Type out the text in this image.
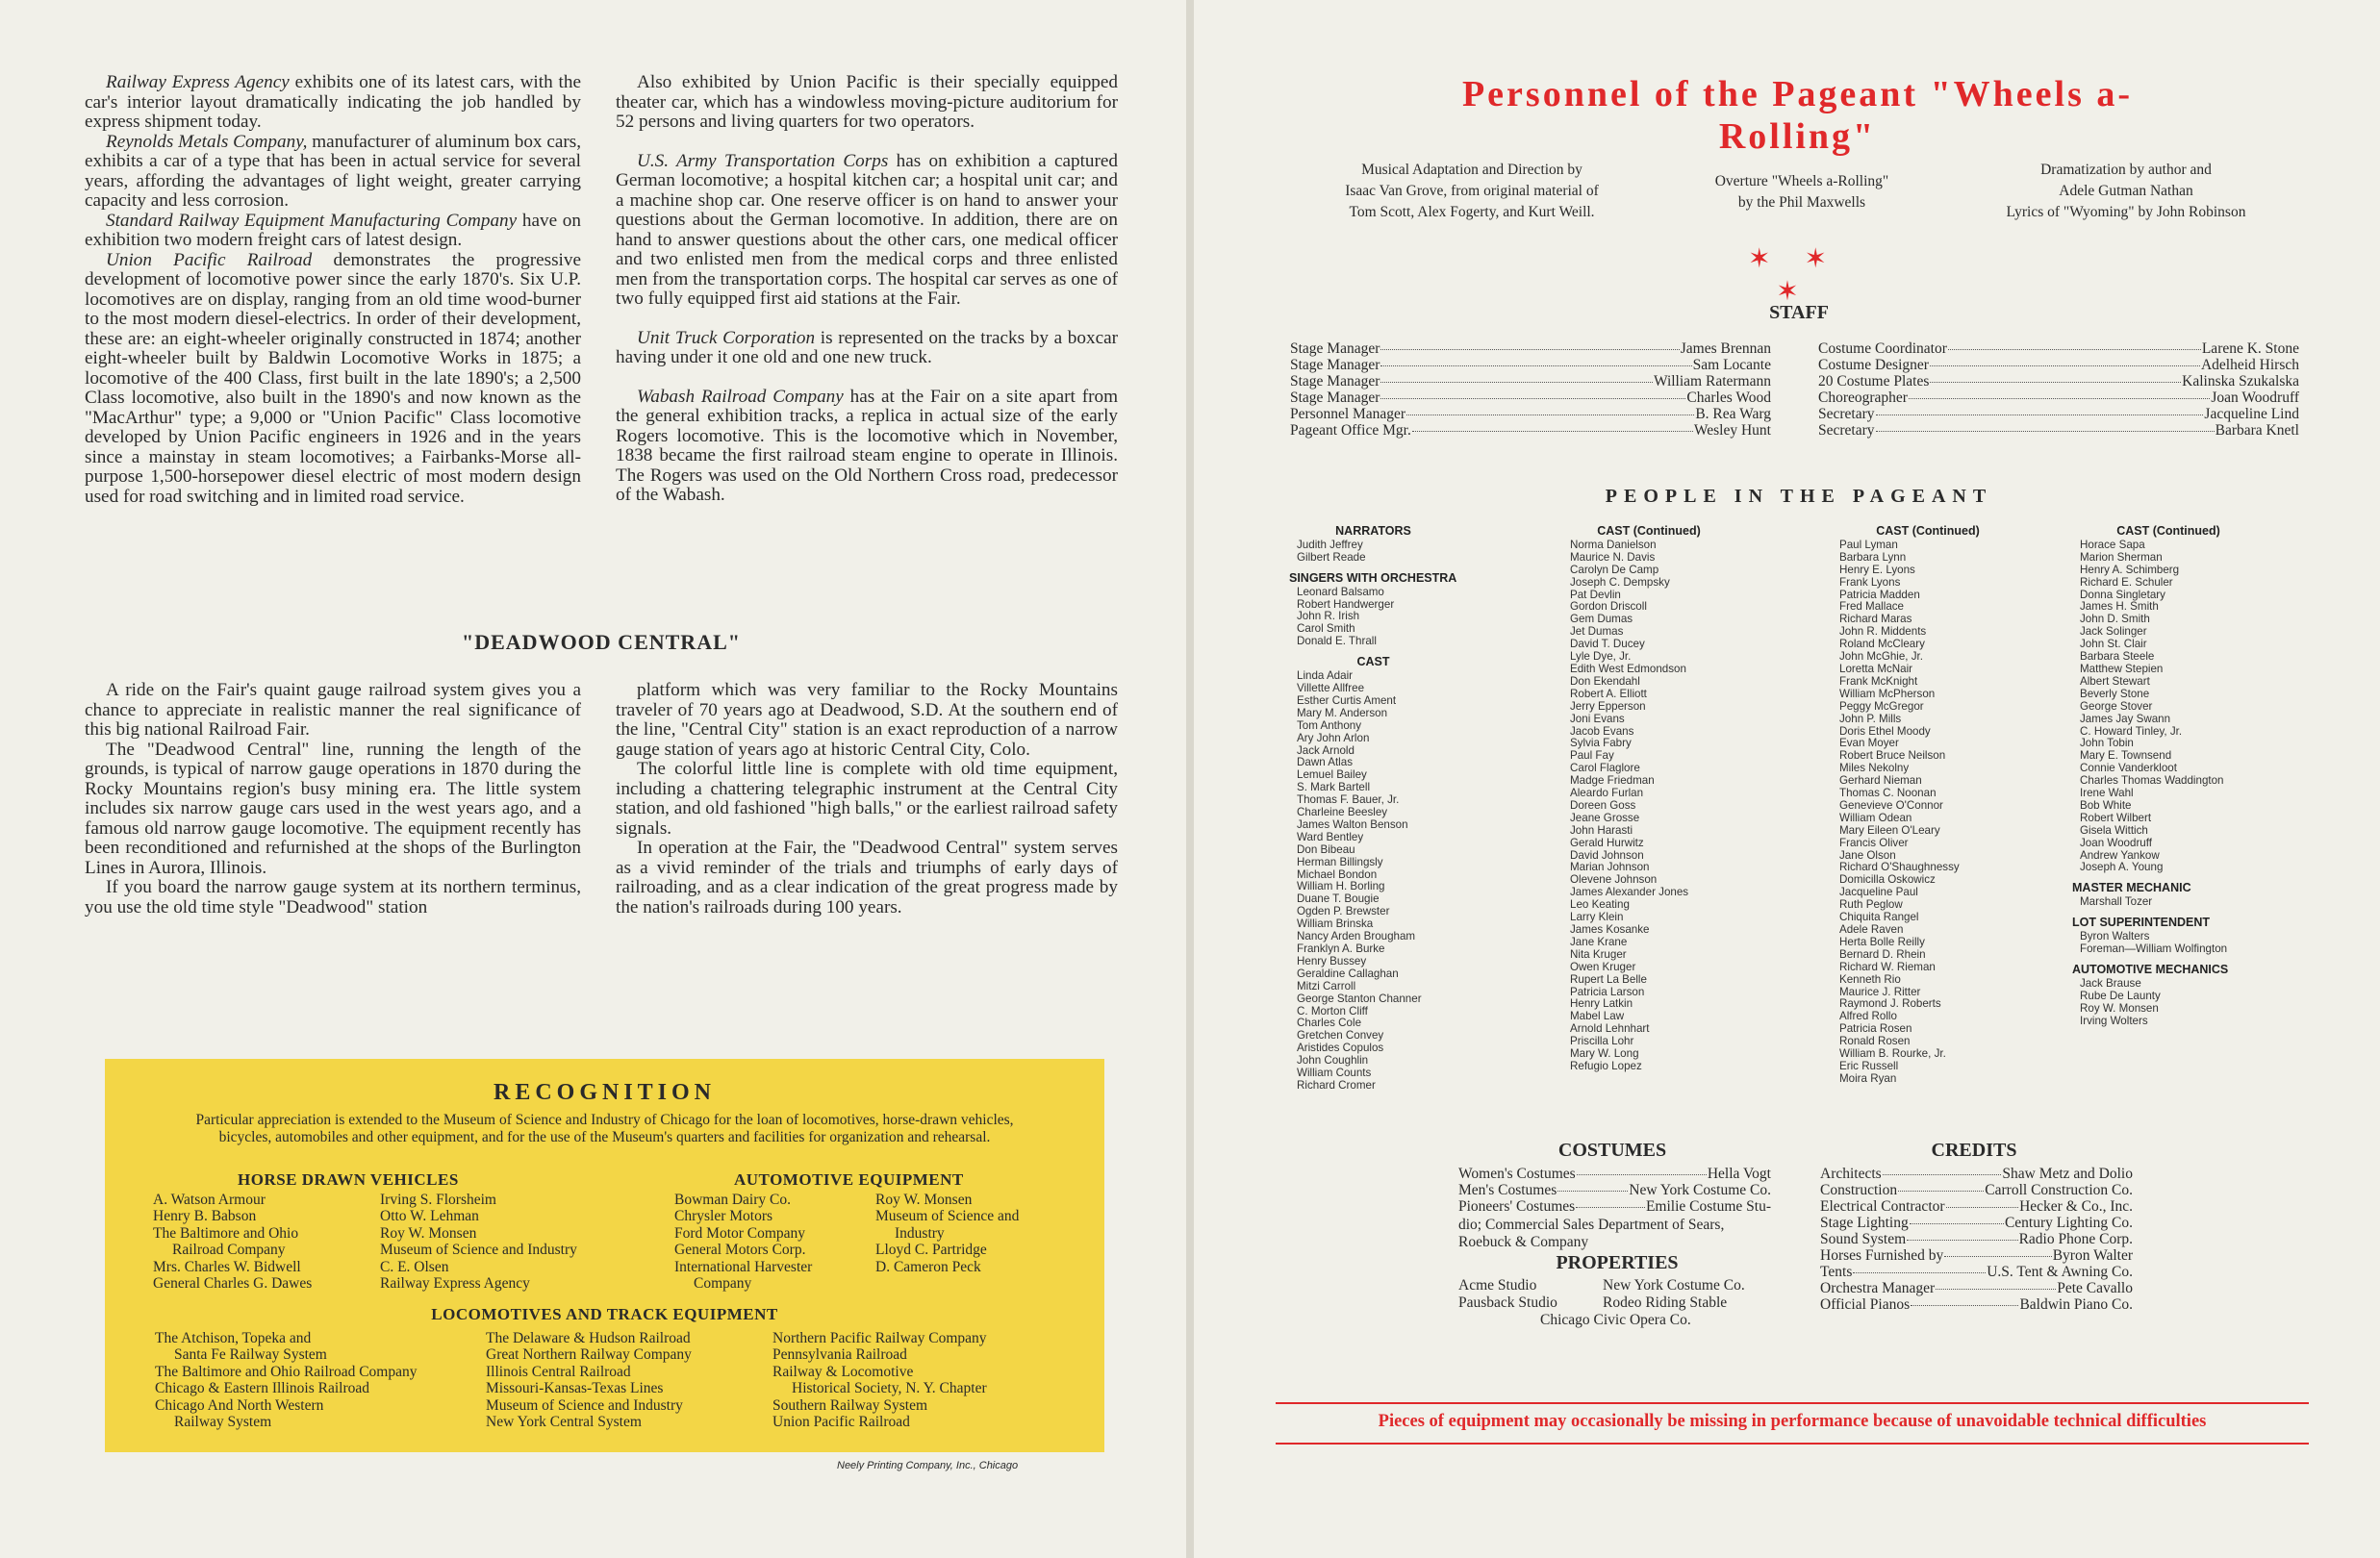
Railway Express Agency exhibits one of its latest cars, with the car's interior layout dramatically indicating the job handled by express shipment today.

Reynolds Metals Company, manufacturer of aluminum box cars, exhibits a car of a type that has been in actual service for several years, affording the advantages of light weight, greater carrying capacity and less corrosion.

Standard Railway Equipment Manufacturing Company have on exhibition two modern freight cars of latest design.

Union Pacific Railroad demonstrates the progressive development of locomotive power since the early 1870's. Six U.P. locomotives are on display, ranging from an old time wood-burner to the most modern diesel-electrics. In order of their development, these are: an eight-wheeler originally constructed in 1874; another eight-wheeler built by Baldwin Locomotive Works in 1875; a locomotive of the 400 Class, first built in the late 1890's; a 2,500 Class locomotive, also built in the 1890's and now known as the "MacArthur" type; a 9,000 or "Union Pacific" Class locomotive developed by Union Pacific engineers in 1926 and in the years since a mainstay in steam locomotives; a Fairbanks-Morse all-purpose 1,500-horsepower diesel electric of most modern design used for road switching and in limited road service.

Also exhibited by Union Pacific is their specially equipped theater car, which has a windowless moving-picture auditorium for 52 persons and living quarters for two operators.

U.S. Army Transportation Corps has on exhibition a captured German locomotive; a hospital kitchen car; a hospital unit car; and a machine shop car. One reserve officer is on hand to answer your questions about the German locomotive. In addition, there are on hand to answer questions about the other cars, one medical officer and two enlisted men from the medical corps and three enlisted men from the transportation corps. The hospital car serves as one of two fully equipped first aid stations at the Fair.

Unit Truck Corporation is represented on the tracks by a boxcar having under it one old and one new truck.

Wabash Railroad Company has at the Fair on a site apart from the general exhibition tracks, a replica in actual size of the early Rogers locomotive. This is the locomotive which in November, 1838 became the first railroad steam engine to operate in Illinois. The Rogers was used on the Old Northern Cross road, predecessor of the Wabash.

"DEADWOOD CENTRAL"

A ride on the Fair's quaint gauge railroad system gives you a chance to appreciate in realistic manner the real significance of this big national Railroad Fair.

The "Deadwood Central" line, running the length of the grounds, is typical of narrow gauge operations in 1870 during the Rocky Mountains region's busy mining era. The little system includes six narrow gauge cars used in the west years ago, and a famous old narrow gauge locomotive. The equipment recently has been reconditioned and refurnished at the shops of the Burlington Lines in Aurora, Illinois.

If you board the narrow gauge system at its northern terminus, you use the old time style "Deadwood" station

platform which was very familiar to the Rocky Mountains traveler of 70 years ago at Deadwood, S.D. At the southern end of the line, "Central City" station is an exact reproduction of a narrow gauge station of years ago at historic Central City, Colo.

The colorful little line is complete with old time equipment, including a chattering telegraphic instrument at the Central City station, and old fashioned "high balls," or the earliest railroad safety signals.

In operation at the Fair, the "Deadwood Central" system serves as a vivid reminder of the trials and triumphs of early days of railroading, and as a clear indication of the great progress made by the nation's railroads during 100 years.

RECOGNITION
Particular appreciation is extended to the Museum of Science and Industry of Chicago for the loan of locomotives, horse-drawn vehicles, bicycles, automobiles and other equipment, and for the use of the Museum's quarters and facilities for organization and rehearsal.
HORSE DRAWN VEHICLES
A. Watson Armour
Henry B. Babson
The Baltimore and Ohio
Railroad Company
Mrs. Charles W. Bidwell
General Charles G. Dawes
Irving S. Florsheim
Otto W. Lehman
Roy W. Monsen
Museum of Science and Industry
C. E. Olsen
Railway Express Agency
AUTOMOTIVE EQUIPMENT
Bowman Dairy Co.
Chrysler Motors
Ford Motor Company
General Motors Corp.
International Harvester
Company
Roy W. Monsen
Museum of Science and
Industry
Lloyd C. Partridge
D. Cameron Peck
LOCOMOTIVES AND TRACK EQUIPMENT
The Atchison, Topeka and
Santa Fe Railway System
The Baltimore and Ohio Railroad Company
Chicago & Eastern Illinois Railroad
Chicago And North Western
Railway System
The Delaware & Hudson Railroad
Great Northern Railway Company
Illinois Central Railroad
Missouri-Kansas-Texas Lines
Museum of Science and Industry
New York Central System
Northern Pacific Railway Company
Pennsylvania Railroad
Railway & Locomotive
Historical Society, N. Y. Chapter
Southern Railway System
Union Pacific Railroad
Neely Printing Company, Inc., Chicago
Personnel of the Pageant "Wheels a-Rolling"
Musical Adaptation and Direction by
Isaac Van Grove, from original material of
Tom Scott, Alex Fogerty, and Kurt Weill.
Overture "Wheels a-Rolling"
by the Phil Maxwells
Dramatization by author and
Adele Gutman Nathan
Lyrics of "Wyoming" by John Robinson
✶ ✶ ✶
STAFF
Stage Manager	James Brennan
Stage Manager	Sam Locante
Stage Manager	William Ratermann
Stage Manager	Charles Wood
Personnel Manager	B. Rea Warg
Pageant Office Mgr.	Wesley Hunt
Costume Coordinator	Larene K. Stone
Costume Designer	Adelheid Hirsch
20 Costume Plates	Kalinska Szukalska
Choreographer	Joan Woodruff
Secretary	Jacqueline Lind
Secretary	Barbara Knetl
PEOPLE IN THE PAGEANT
NARRATORS
Judith Jeffrey
Gilbert Reade
SINGERS WITH ORCHESTRA
Leonard Balsamo
Robert Handwerger
John R. Irish
Carol Smith
Donald E. Thrall
CAST
Linda Adair
Villette Allfree
Esther Curtis Ament
Mary M. Anderson
Tom Anthony
Ary John Arlon
Jack Arnold
Dawn Atlas
Lemuel Bailey
S. Mark Bartell
Thomas F. Bauer, Jr.
Charleine Beesley
James Walton Benson
Ward Bentley
Don Bibeau
Herman Billingsly
Michael Bondon
William H. Borling
Duane T. Bougie
Ogden P. Brewster
William Brinska
Nancy Arden Brougham
Franklyn A. Burke
Henry Bussey
Geraldine Callaghan
Mitzi Carroll
George Stanton Channer
C. Morton Cliff
Charles Cole
Gretchen Convey
Aristides Copulos
John Coughlin
William Counts
Richard Cromer
CAST (Continued)
Norma Danielson
Maurice N. Davis
Carolyn De Camp
Joseph C. Dempsky
Pat Devlin
Gordon Driscoll
Gem Dumas
Jet Dumas
David T. Ducey
Lyle Dye, Jr.
Edith West Edmondson
Don Ekendahl
Robert A. Elliott
Jerry Epperson
Joni Evans
Jacob Evans
Sylvia Fabry
Paul Fay
Carol Flaglore
Madge Friedman
Aleardo Furlan
Doreen Goss
Jeane Grosse
John Harasti
Gerald Hurwitz
David Johnson
Marian Johnson
Olevene Johnson
James Alexander Jones
Leo Keating
Larry Klein
James Kosanke
Jane Krane
Nita Kruger
Owen Kruger
Rupert La Belle
Patricia Larson
Henry Latkin
Mabel Law
Arnold Lehnhart
Priscilla Lohr
Mary W. Long
Refugio Lopez
CAST (Continued)
Paul Lyman
Barbara Lynn
Henry E. Lyons
Frank Lyons
Patricia Madden
Fred Mallace
Richard Maras
John R. Middents
Roland McCleary
John McGhie, Jr.
Loretta McNair
Frank McKnight
William McPherson
Peggy McGregor
John P. Mills
Doris Ethel Moody
Evan Moyer
Robert Bruce Neilson
Miles Nekolny
Gerhard Nieman
Thomas C. Noonan
Genevieve O'Connor
William Odean
Mary Eileen O'Leary
Francis Oliver
Jane Olson
Richard O'Shaughnessy
Domicilla Oskowicz
Jacqueline Paul
Ruth Peglow
Chiquita Rangel
Adele Raven
Herta Bolle Reilly
Bernard D. Rhein
Richard W. Rieman
Kenneth Rio
Maurice J. Ritter
Raymond J. Roberts
Alfred Rollo
Patricia Rosen
Ronald Rosen
William B. Rourke, Jr.
Eric Russell
Moira Ryan
CAST (Continued)
Horace Sapa
Marion Sherman
Henry A. Schimberg
Richard E. Schuler
Donna Singletary
James H. Smith
John D. Smith
Jack Solinger
John St. Clair
Barbara Steele
Matthew Stepien
Albert Stewart
Beverly Stone
George Stover
James Jay Swann
C. Howard Tinley, Jr.
John Tobin
Mary E. Townsend
Connie Vanderkloot
Charles Thomas Waddington
Irene Wahl
Bob White
Robert Wilbert
Gisela Wittich
Joan Woodruff
Andrew Yankow
Joseph A. Young
MASTER MECHANIC
Marshall Tozer
LOT SUPERINTENDENT
Byron Walters
Foreman—William Wolfington
AUTOMOTIVE MECHANICS
Jack Brause
Rube De Launty
Roy W. Monsen
Irving Wolters
COSTUMES
Women's Costumes	Hella Vogt
Men's Costumes	New York Costume Co.
Pioneers' Costumes	Emilie Costume Stu-
dio; Commercial Sales Department of Sears, Roebuck & Company
PROPERTIES
Acme Studio	New York Costume Co.
Pausback Studio	Rodeo Riding Stable
Chicago Civic Opera Co.
CREDITS
Architects	Shaw Metz and Dolio
Construction	Carroll Construction Co.
Electrical Contractor	Hecker & Co., Inc.
Stage Lighting	Century Lighting Co.
Sound System	Radio Phone Corp.
Horses Furnished by	Byron Walter
Tents	U.S. Tent & Awning Co.
Orchestra Manager	Pete Cavallo
Official Pianos	Baldwin Piano Co.
Pieces of equipment may occasionally be missing in performance because of unavoidable technical difficulties
